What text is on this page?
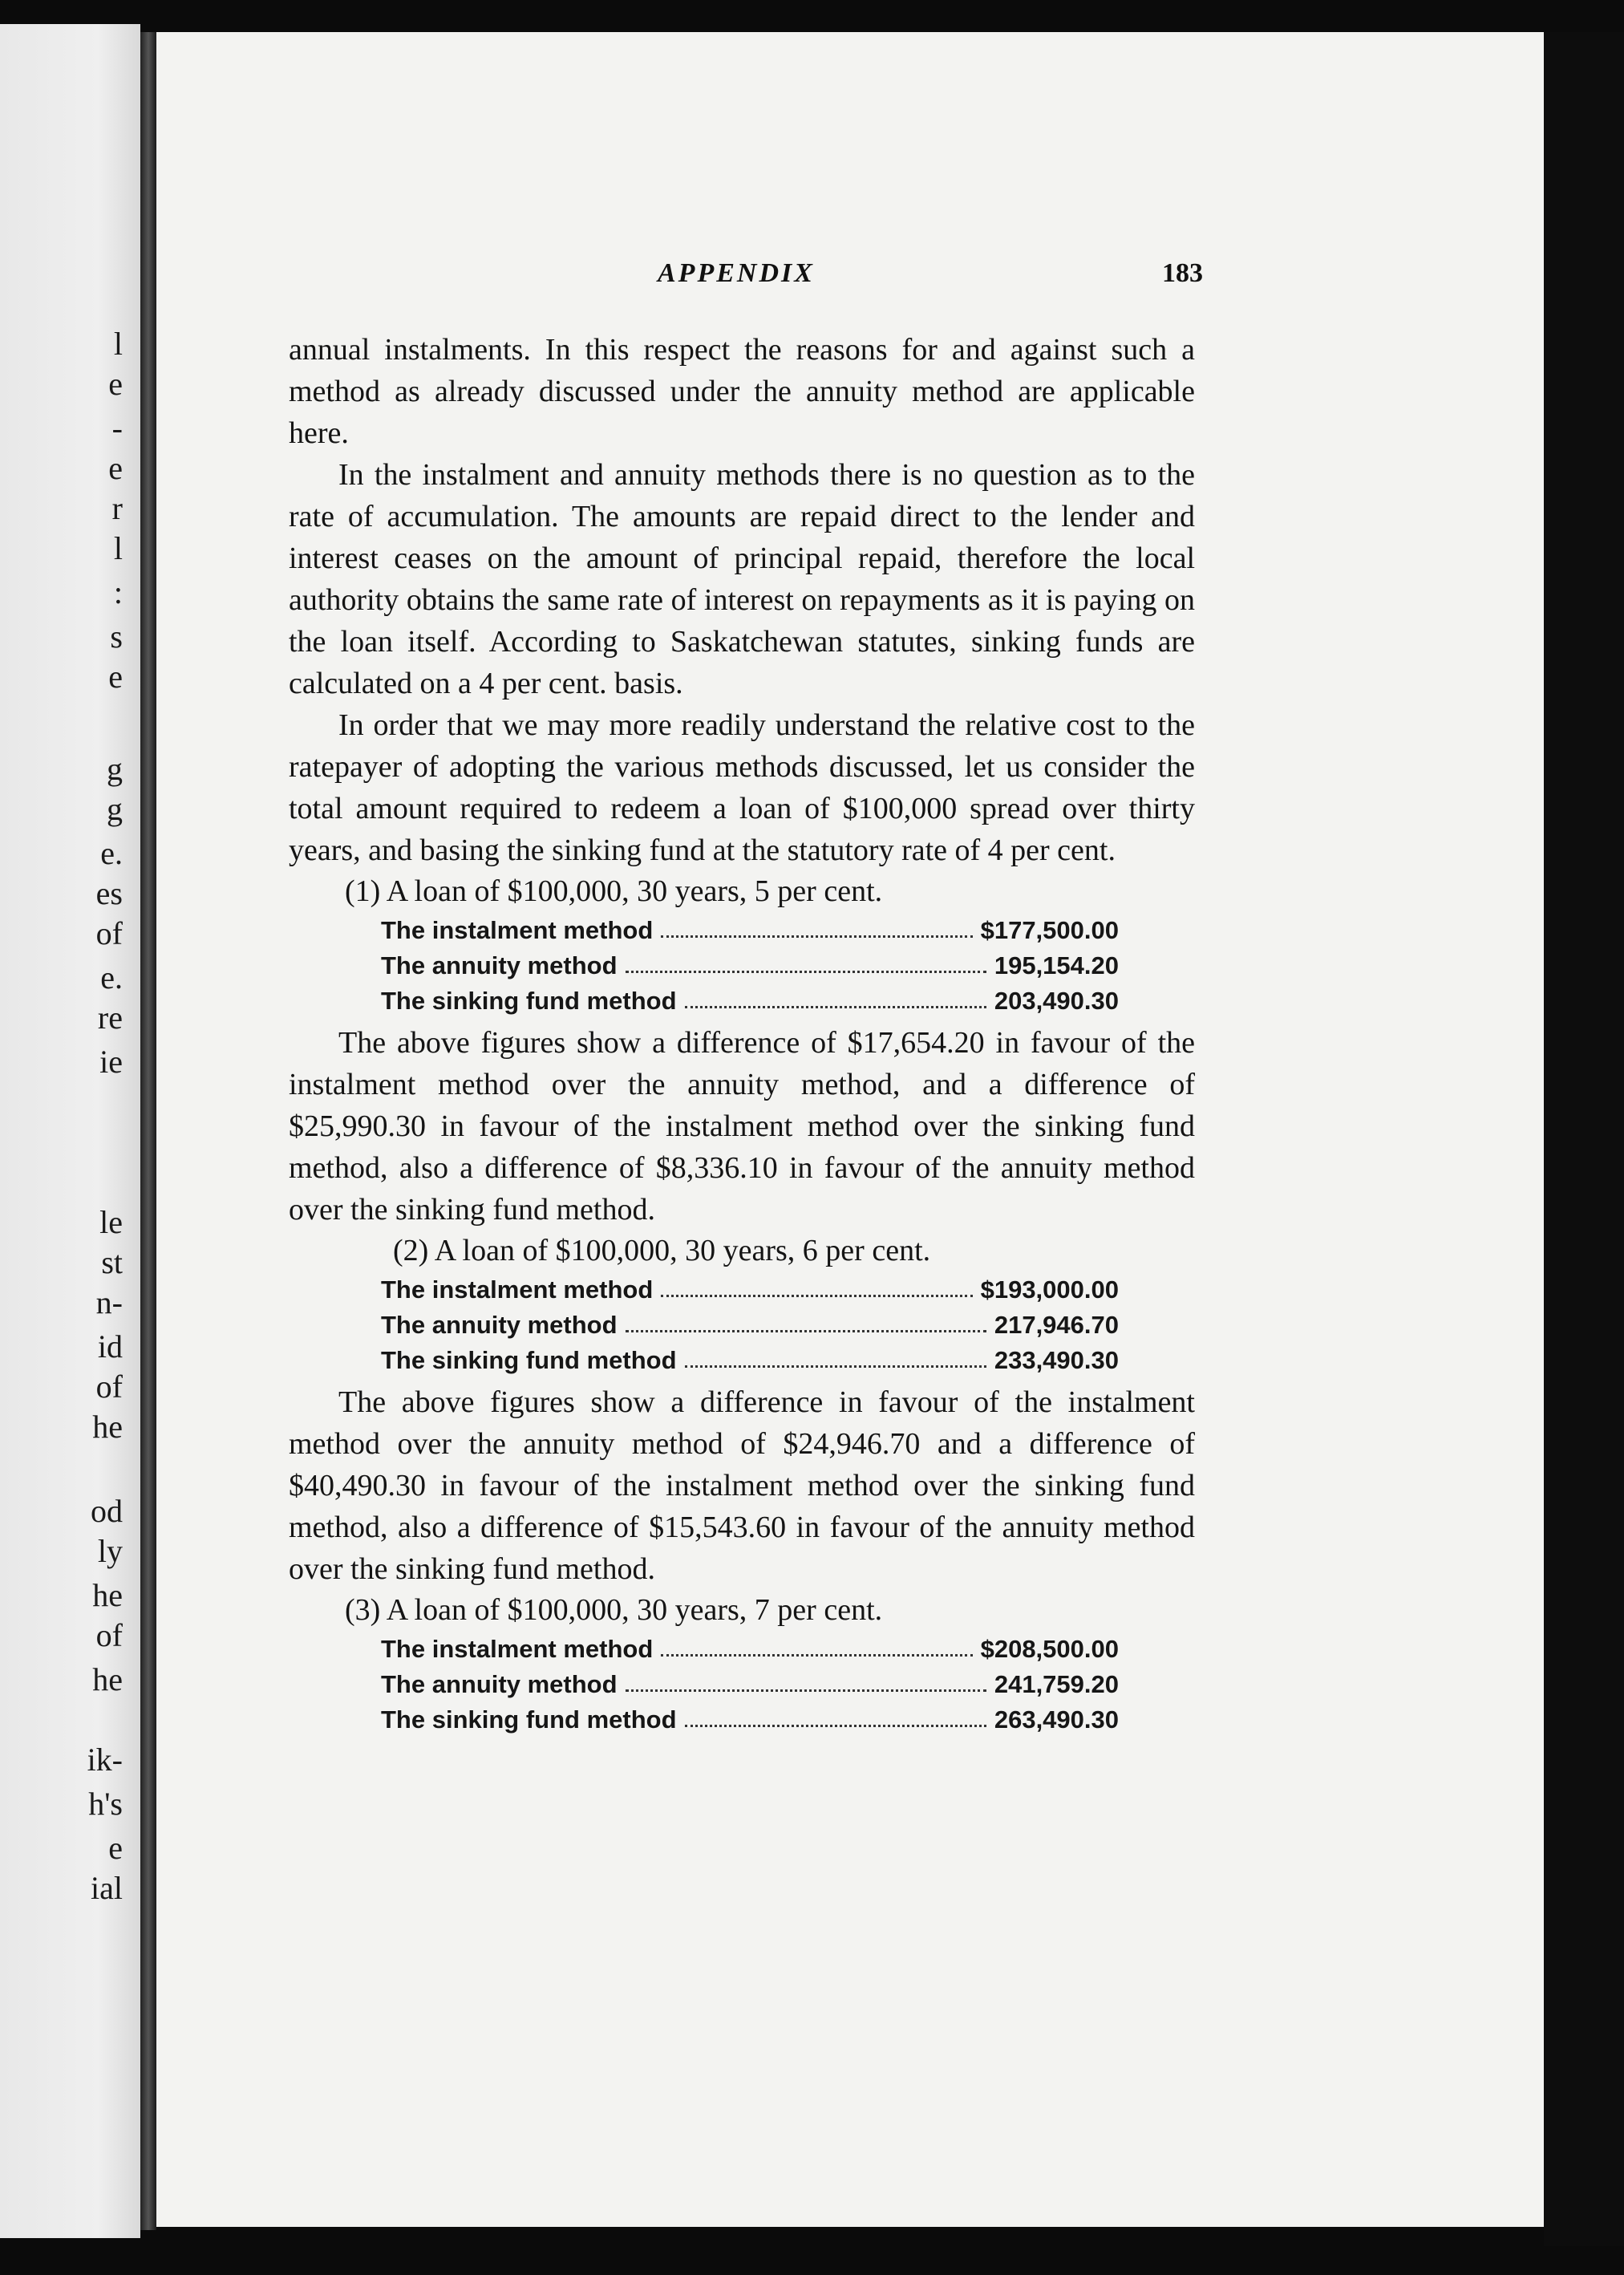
l
e
-
e
r
l
:
s
e
g
g
e.
es
of
e.
re
ie
le
st
n-
id
of
he
od
ly
he
of
he
ik-
h's
e
ial
APPENDIX	183

annual instalments. In this respect the reasons for and against such a method as already discussed under the annuity method are applicable here.

In the instalment and annuity methods there is no question as to the rate of accumulation. The amounts are repaid direct to the lender and interest ceases on the amount of principal repaid, therefore the local authority obtains the same rate of interest on repayments as it is paying on the loan itself. According to Saskatchewan statutes, sinking funds are calculated on a 4 per cent. basis.

In order that we may more readily understand the relative cost to the ratepayer of adopting the various methods discussed, let us consider the total amount required to redeem a loan of $100,000 spread over thirty years, and basing the sinking fund at the statutory rate of 4 per cent.

(1) A loan of $100,000, 30 years, 5 per cent.

The instalment method	$177,500.00
The annuity method	195,154.20
The sinking fund method	203,490.30

The above figures show a difference of $17,654.20 in favour of the instalment method over the annuity method, and a difference of $25,990.30 in favour of the instalment method over the sinking fund method, also a difference of $8,336.10 in favour of the annuity method over the sinking fund method.

(2) A loan of $100,000, 30 years, 6 per cent.

The instalment method	$193,000.00
The annuity method	217,946.70
The sinking fund method	233,490.30

The above figures show a difference in favour of the instalment method over the annuity method of $24,946.70 and a difference of $40,490.30 in favour of the instalment method over the sinking fund method, also a difference of $15,543.60 in favour of the annuity method over the sinking fund method.

(3) A loan of $100,000, 30 years, 7 per cent.

The instalment method	$208,500.00
The annuity method	241,759.20
The sinking fund method	263,490.30
